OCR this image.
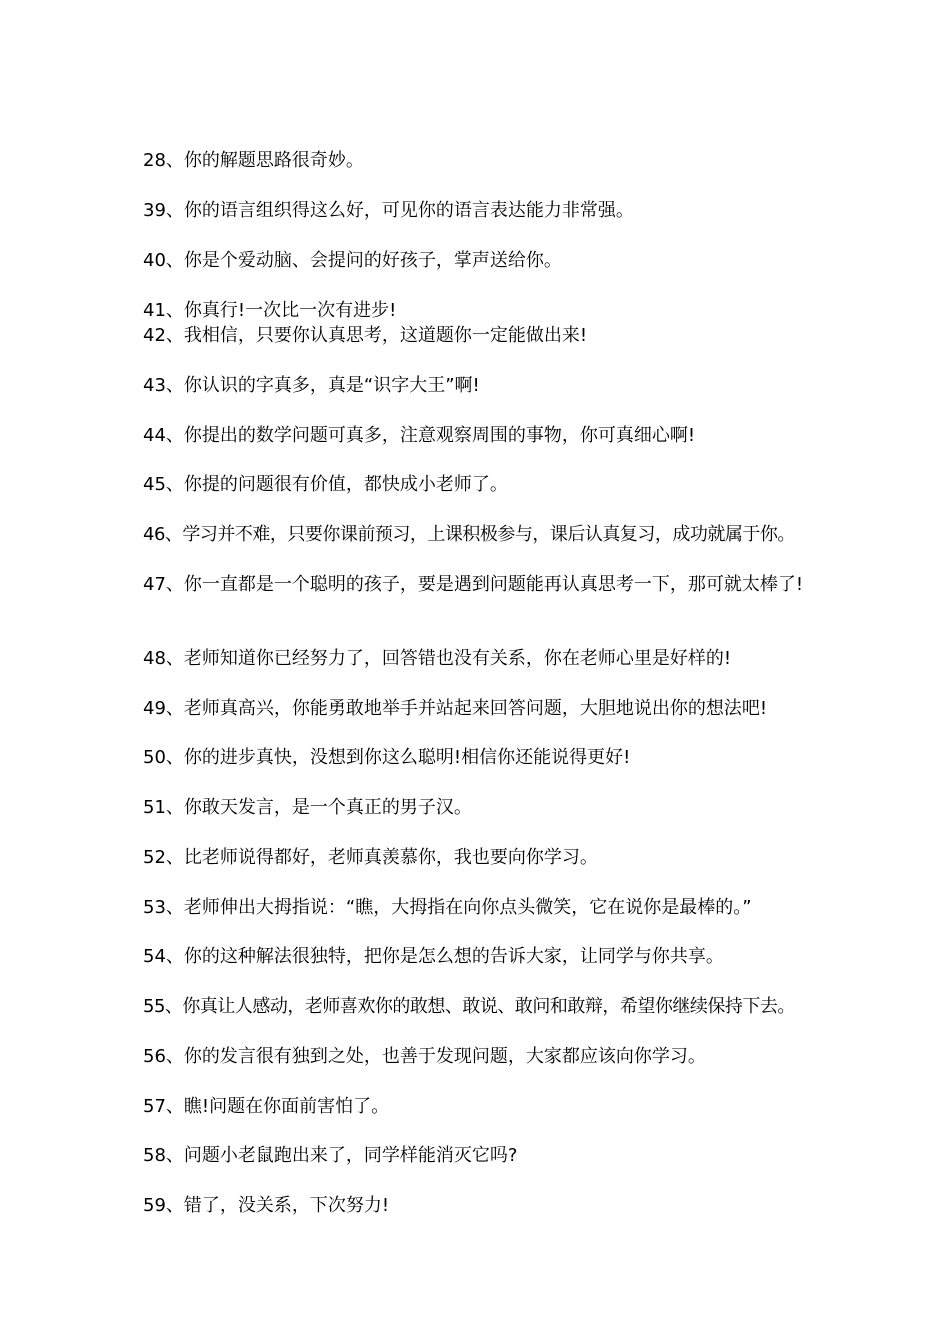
28、你的解题思路很奇妙。

39、你的语言组织得这么好，可见你的语言表达能力非常强。

40、你是个爱动脑、会提问的好孩子，掌声送给你。

41、你真行!一次比一次有进步!

42、我相信，只要你认真思考，这道题你一定能做出来!

43、你认识的字真多，真是“识字大王”啊!

44、你提出的数学问题可真多，注意观察周围的事物，你可真细心啊!

45、你提的问题很有价值，都快成小老师了。

46、学习并不难，只要你课前预习，上课积极参与，课后认真复习，成功就属于你。

47、你一直都是一个聪明的孩子，要是遇到问题能再认真思考一下，那可就太棒了!

48、老师知道你已经努力了，回答错也没有关系，你在老师心里是好样的!

49、老师真高兴，你能勇敢地举手并站起来回答问题，大胆地说出你的想法吧!

50、你的进步真快，没想到你这么聪明!相信你还能说得更好!

51、你敢天发言，是一个真正的男子汉。

52、比老师说得都好，老师真羡慕你，我也要向你学习。

53、老师伸出大拇指说：“瞧，大拇指在向你点头微笑，它在说你是最棒的。”

54、你的这种解法很独特，把你是怎么想的告诉大家，让同学与你共享。

55、你真让人感动，老师喜欢你的敢想、敢说、敢问和敢辩，希望你继续保持下去。

56、你的发言很有独到之处，也善于发现问题，大家都应该向你学习。

57、瞧!问题在你面前害怕了。

58、问题小老鼠跑出来了，同学样能消灭它吗?

59、错了，没关系，下次努力!
